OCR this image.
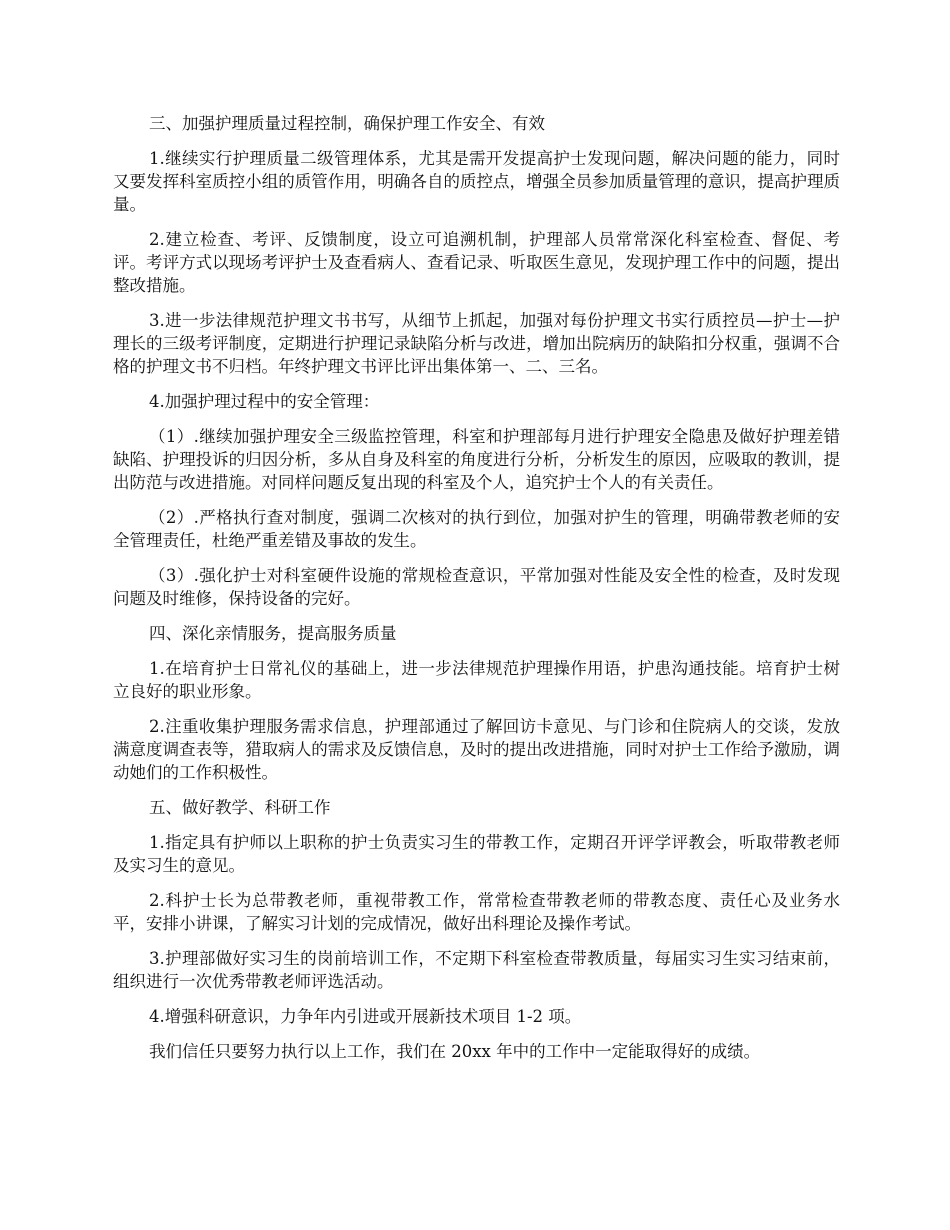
三、加强护理质量过程控制，确保护理工作安全、有效

1.继续实行护理质量二级管理体系，尤其是需开发提高护士发现问题，解决问题的能力，同时又要发挥科室质控小组的质管作用，明确各自的质控点，增强全员参加质量管理的意识，提高护理质量。

2.建立检查、考评、反馈制度，设立可追溯机制，护理部人员常常深化科室检查、督促、考评。考评方式以现场考评护士及查看病人、查看记录、听取医生意见，发现护理工作中的问题，提出整改措施。

3.进一步法律规范护理文书书写，从细节上抓起，加强对每份护理文书实行质控员—护士—护理长的三级考评制度，定期进行护理记录缺陷分析与改进，增加出院病历的缺陷扣分权重，强调不合格的护理文书不归档。年终护理文书评比评出集体第一、二、三名。

4.加强护理过程中的安全管理：

（1）.继续加强护理安全三级监控管理，科室和护理部每月进行护理安全隐患及做好护理差错缺陷、护理投诉的归因分析，多从自身及科室的角度进行分析，分析发生的原因，应吸取的教训，提出防范与改进措施。对同样问题反复出现的科室及个人，追究护士个人的有关责任。

（2）.严格执行查对制度，强调二次核对的执行到位，加强对护生的管理，明确带教老师的安全管理责任，杜绝严重差错及事故的发生。

（3）.强化护士对科室硬件设施的常规检查意识，平常加强对性能及安全性的检查，及时发现问题及时维修，保持设备的完好。

四、深化亲情服务，提高服务质量

1.在培育护士日常礼仪的基础上，进一步法律规范护理操作用语，护患沟通技能。培育护士树立良好的职业形象。

2.注重收集护理服务需求信息，护理部通过了解回访卡意见、与门诊和住院病人的交谈，发放满意度调查表等，猎取病人的需求及反馈信息，及时的提出改进措施，同时对护士工作给予激励，调动她们的工作积极性。

五、做好教学、科研工作

1.指定具有护师以上职称的护士负责实习生的带教工作，定期召开评学评教会，听取带教老师及实习生的意见。

2.科护士长为总带教老师，重视带教工作，常常检查带教老师的带教态度、责任心及业务水平，安排小讲课，了解实习计划的完成情况，做好出科理论及操作考试。

3.护理部做好实习生的岗前培训工作，不定期下科室检查带教质量，每届实习生实习结束前，组织进行一次优秀带教老师评选活动。

4.增强科研意识，力争年内引进或开展新技术项目 1-2 项。

我们信任只要努力执行以上工作，我们在 20xx 年中的工作中一定能取得好的成绩。
